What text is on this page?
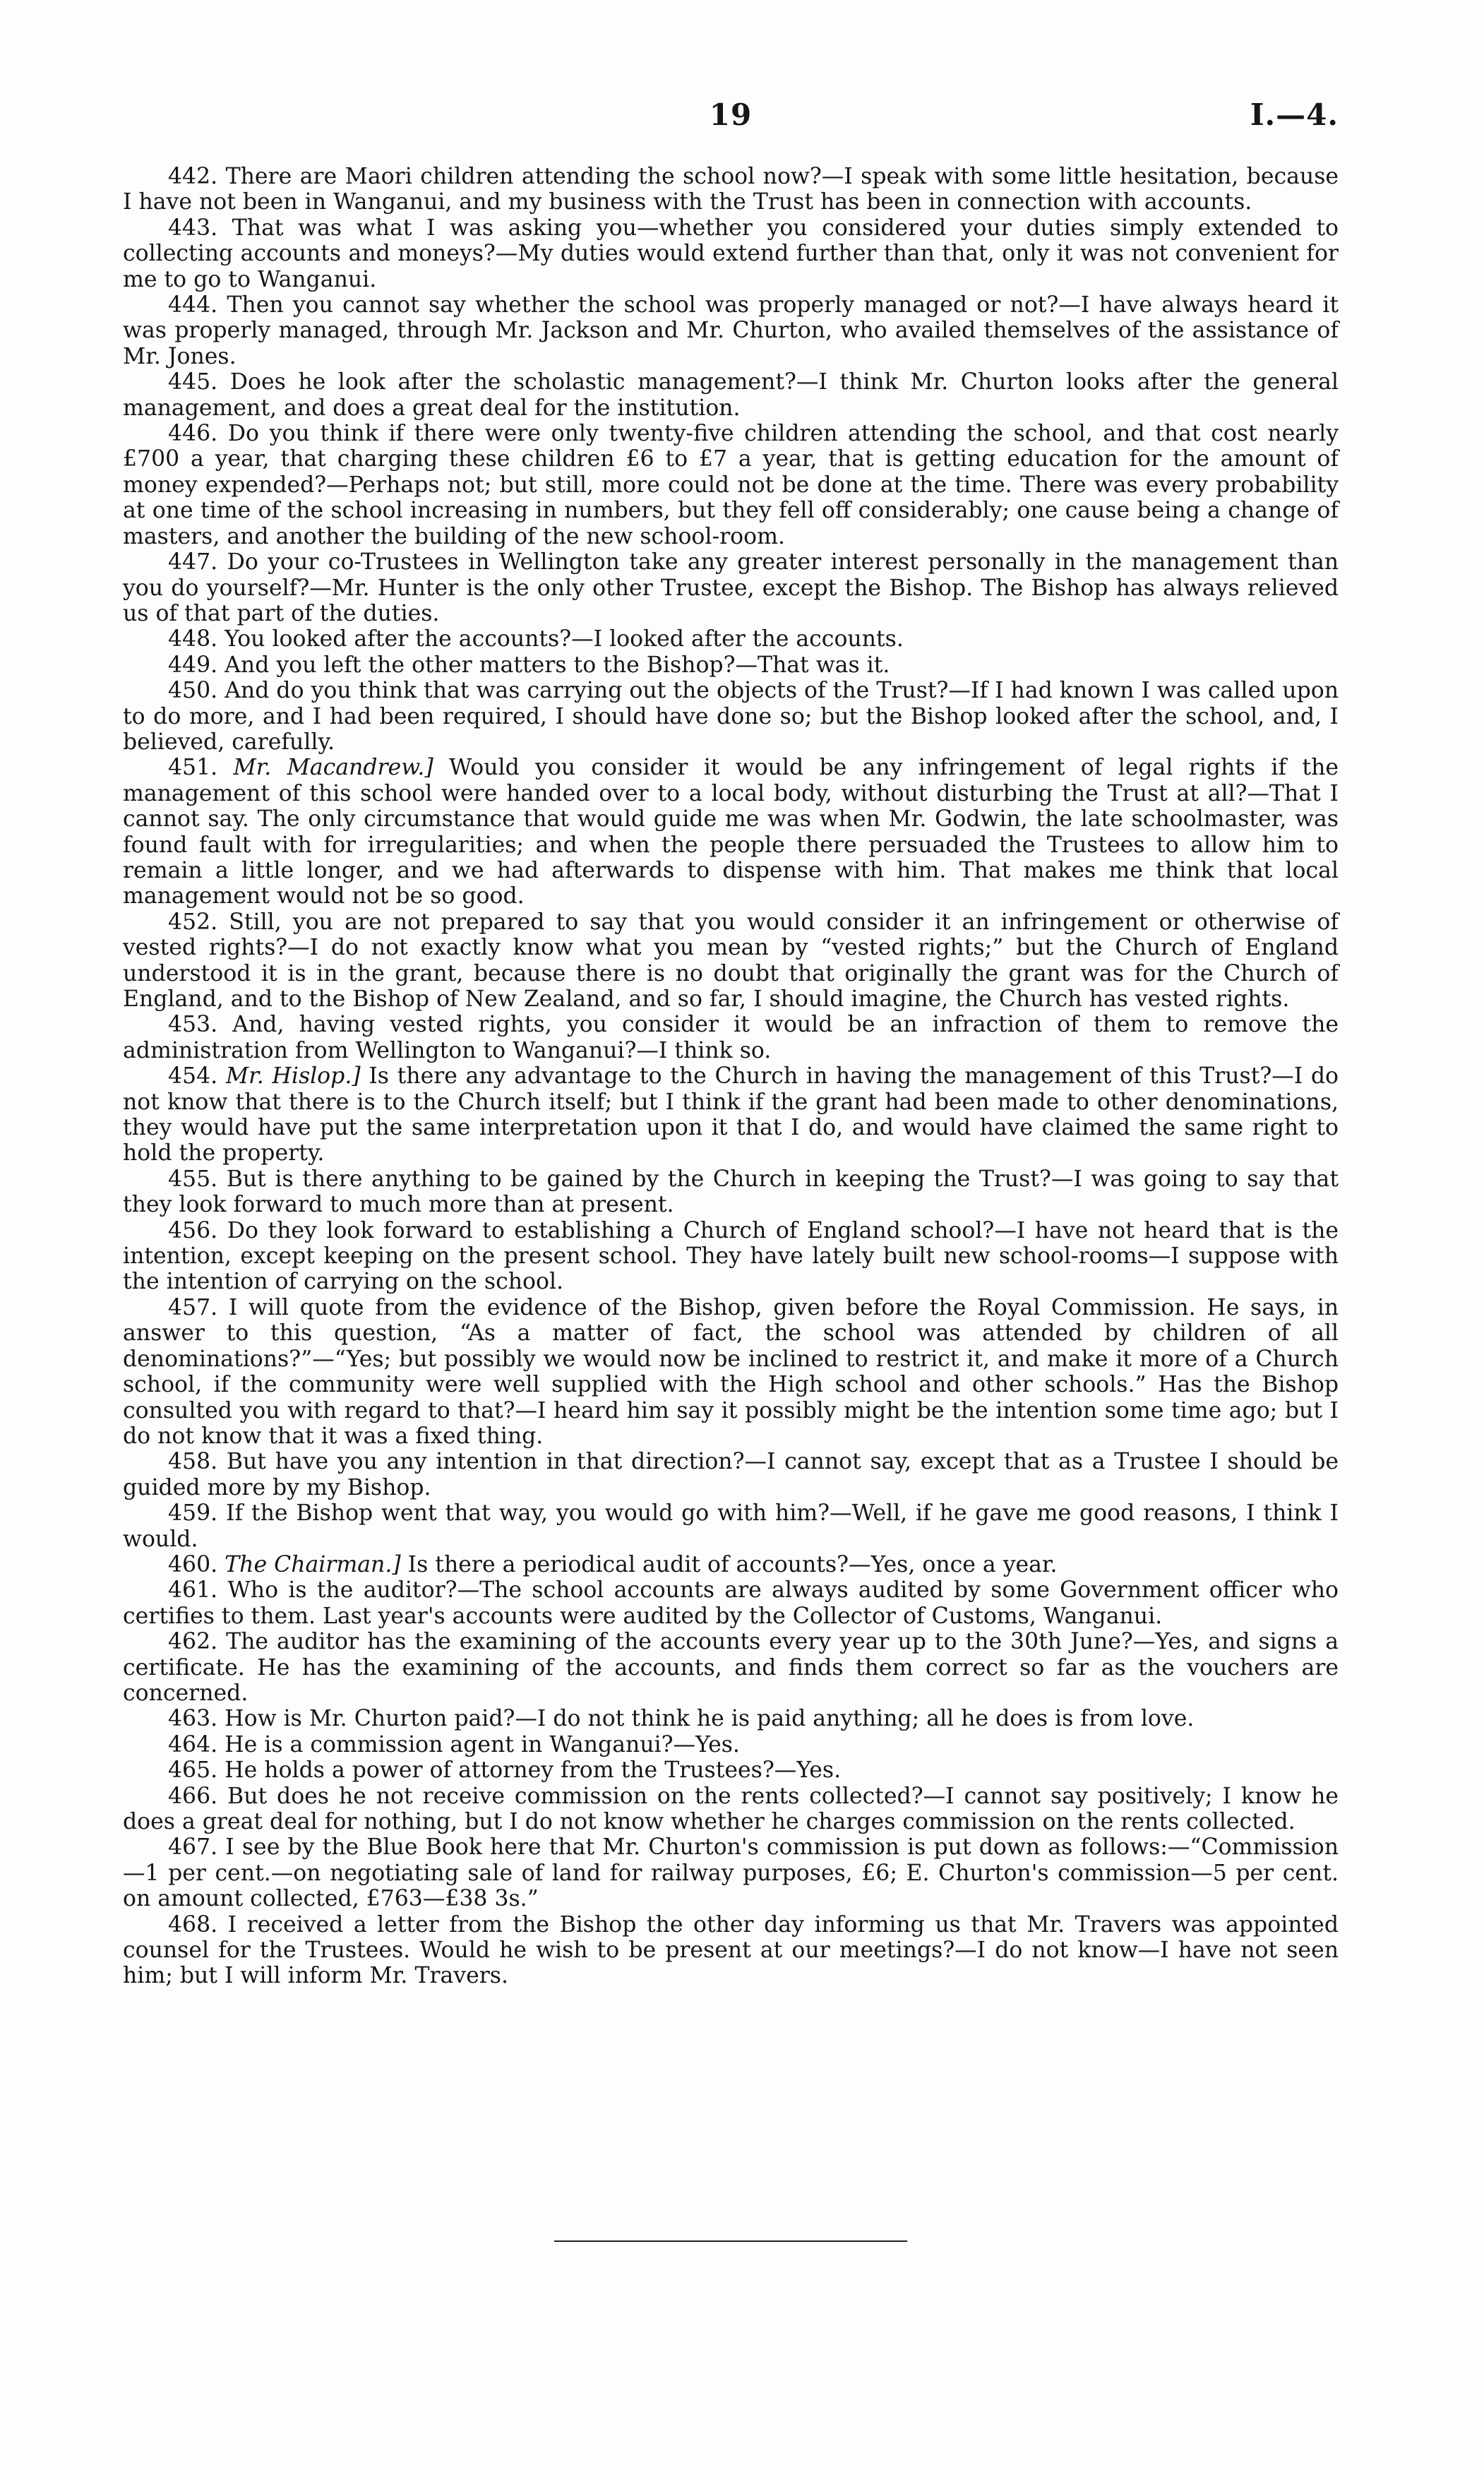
19	I.—4.

442. There are Maori children attending the school now?—I speak with some little hesitation, because I have not been in Wanganui, and my business with the Trust has been in connection with accounts.

443. That was what I was asking you—whether you considered your duties simply extended to collecting accounts and moneys?—My duties would extend further than that, only it was not convenient for me to go to Wanganui.

444. Then you cannot say whether the school was properly managed or not?—I have always heard it was properly managed, through Mr. Jackson and Mr. Churton, who availed themselves of the assistance of Mr. Jones.

445. Does he look after the scholastic management?—I think Mr. Churton looks after the general management, and does a great deal for the institution.

446. Do you think if there were only twenty-five children attending the school, and that cost nearly £700 a year, that charging these children £6 to £7 a year, that is getting education for the amount of money expended?—Perhaps not; but still, more could not be done at the time. There was every probability at one time of the school increasing in numbers, but they fell off considerably; one cause being a change of masters, and another the building of the new school-room.

447. Do your co-Trustees in Wellington take any greater interest personally in the management than you do yourself?—Mr. Hunter is the only other Trustee, except the Bishop. The Bishop has always relieved us of that part of the duties.

448. You looked after the accounts?—I looked after the accounts.

449. And you left the other matters to the Bishop?—That was it.

450. And do you think that was carrying out the objects of the Trust?—If I had known I was called upon to do more, and I had been required, I should have done so; but the Bishop looked after the school, and, I believed, carefully.

451. Mr. Macandrew.] Would you consider it would be any infringement of legal rights if the management of this school were handed over to a local body, without disturbing the Trust at all?—That I cannot say. The only circumstance that would guide me was when Mr. Godwin, the late schoolmaster, was found fault with for irregularities; and when the people there persuaded the Trustees to allow him to remain a little longer, and we had afterwards to dispense with him. That makes me think that local management would not be so good.

452. Still, you are not prepared to say that you would consider it an infringement or otherwise of vested rights?—I do not exactly know what you mean by “vested rights;” but the Church of England understood it is in the grant, because there is no doubt that originally the grant was for the Church of England, and to the Bishop of New Zealand, and so far, I should imagine, the Church has vested rights.

453. And, having vested rights, you consider it would be an infraction of them to remove the administration from Wellington to Wanganui?—I think so.

454. Mr. Hislop.] Is there any advantage to the Church in having the management of this Trust?—I do not know that there is to the Church itself; but I think if the grant had been made to other denominations, they would have put the same interpretation upon it that I do, and would have claimed the same right to hold the property.

455. But is there anything to be gained by the Church in keeping the Trust?—I was going to say that they look forward to much more than at present.

456. Do they look forward to establishing a Church of England school?—I have not heard that is the intention, except keeping on the present school. They have lately built new school-rooms—I suppose with the intention of carrying on the school.

457. I will quote from the evidence of the Bishop, given before the Royal Commission. He says, in answer to this question, “As a matter of fact, the school was attended by children of all denominations?”—“Yes; but possibly we would now be inclined to restrict it, and make it more of a Church school, if the community were well supplied with the High school and other schools.” Has the Bishop consulted you with regard to that?—I heard him say it possibly might be the intention some time ago; but I do not know that it was a fixed thing.

458. But have you any intention in that direction?—I cannot say, except that as a Trustee I should be guided more by my Bishop.

459. If the Bishop went that way, you would go with him?—Well, if he gave me good reasons, I think I would.

460. The Chairman.] Is there a periodical audit of accounts?—Yes, once a year.

461. Who is the auditor?—The school accounts are always audited by some Government officer who certifies to them. Last year's accounts were audited by the Collector of Customs, Wanganui.

462. The auditor has the examining of the accounts every year up to the 30th June?—Yes, and signs a certificate. He has the examining of the accounts, and finds them correct so far as the vouchers are concerned.

463. How is Mr. Churton paid?—I do not think he is paid anything; all he does is from love.

464. He is a commission agent in Wanganui?—Yes.

465. He holds a power of attorney from the Trustees?—Yes.

466. But does he not receive commission on the rents collected?—I cannot say positively; I know he does a great deal for nothing, but I do not know whether he charges commission on the rents collected.

467. I see by the Blue Book here that Mr. Churton's commission is put down as follows:—“Commission—1 per cent.—on negotiating sale of land for railway purposes, £6; E. Churton's commission—5 per cent. on amount collected, £763—£38 3s.”

468. I received a letter from the Bishop the other day informing us that Mr. Travers was appointed counsel for the Trustees. Would he wish to be present at our meetings?—I do not know—I have not seen him; but I will inform Mr. Travers.
